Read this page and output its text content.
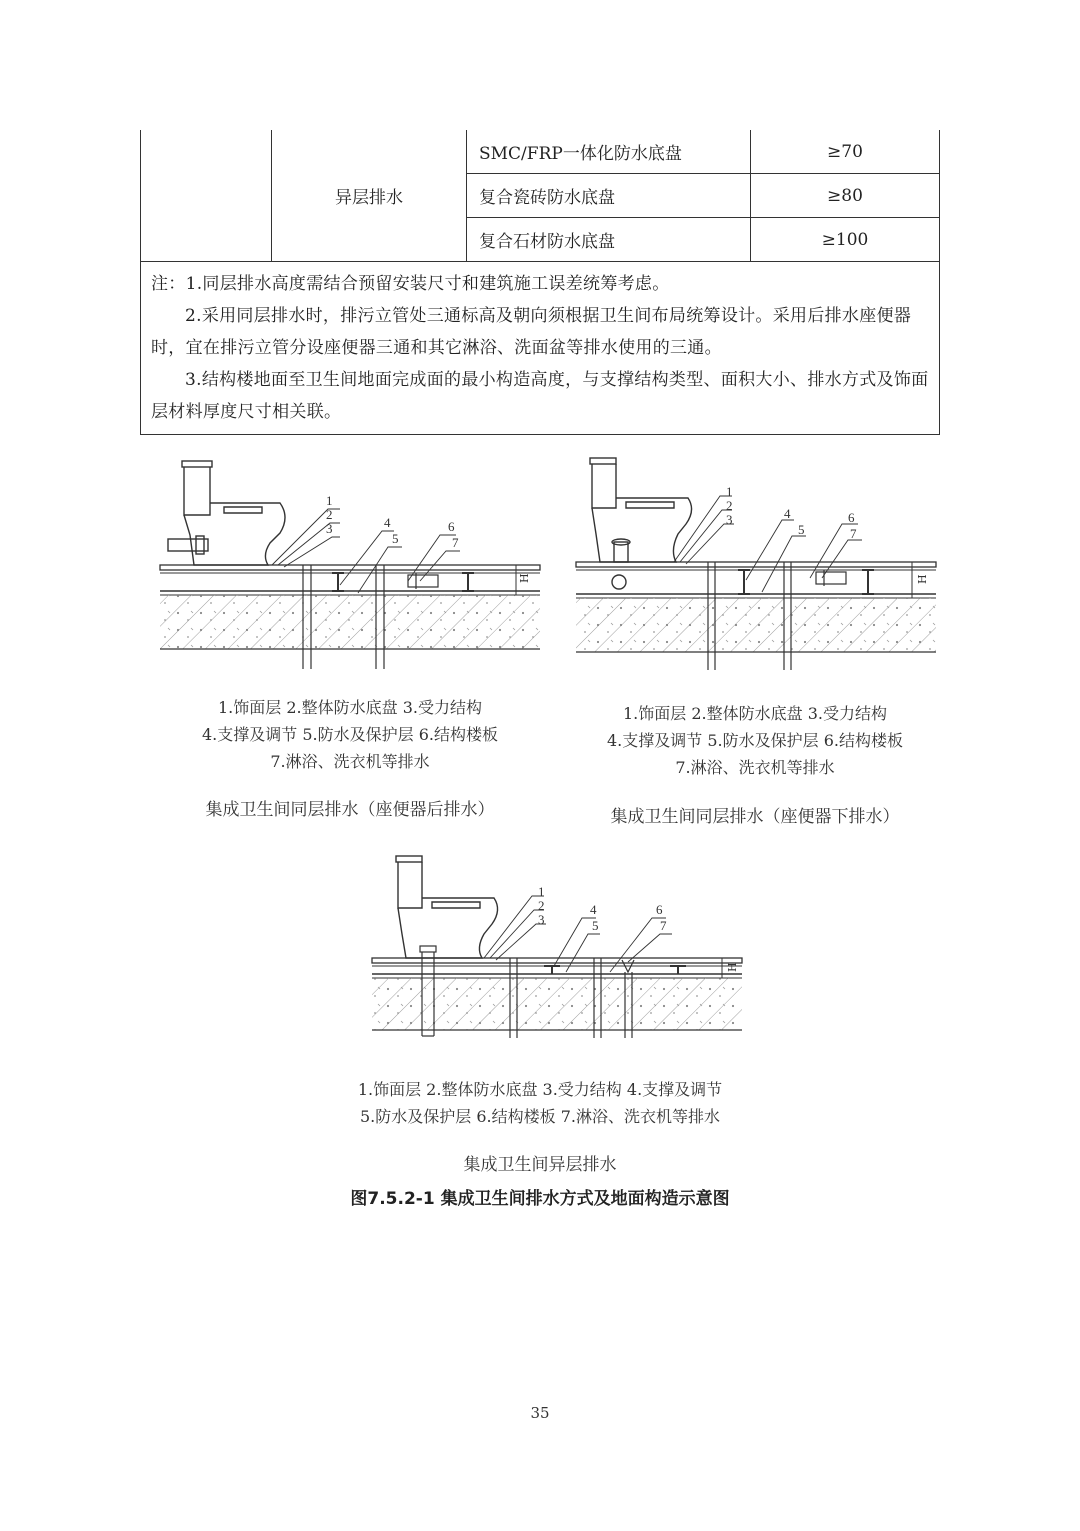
	异层排水	SMC/FRP一体化防水底盘	≥70
		复合瓷砖防水底盘	≥80
		复合石材防水底盘	≥100

注：1.同层排水高度需结合预留安装尺寸和建筑施工误差统筹考虑。

2.采用同层排水时，排污立管处三通标高及朝向须根据卫生间布局统筹设计。采用后排水座便器时，宜在排污立管分设座便器三通和其它淋浴、洗面盆等排水使用的三通。

3.结构楼地面至卫生间地面完成面的最小构造高度，与支撑结构类型、面积大小、排水方式及饰面层材料厚度尺寸相关联。			

1
2
3	4
5
6
7
H
1.饰面层 2.整体防水底盘 3.受力结构
4.支撑及调节 5.防水及保护层 6.结构楼板
7.淋浴、洗衣机等排水
集成卫生间同层排水（座便器后排水）
1
2
3	4
5
6
7
H
1.饰面层 2.整体防水底盘 3.受力结构
4.支撑及调节 5.防水及保护层 6.结构楼板
7.淋浴、洗衣机等排水
集成卫生间同层排水（座便器下排水）
1
2
3
4
5
6
7
H
1.饰面层 2.整体防水底盘 3.受力结构 4.支撑及调节
5.防水及保护层 6.结构楼板 7.淋浴、洗衣机等排水
集成卫生间异层排水
图7.5.2-1 集成卫生间排水方式及地面构造示意图
35
